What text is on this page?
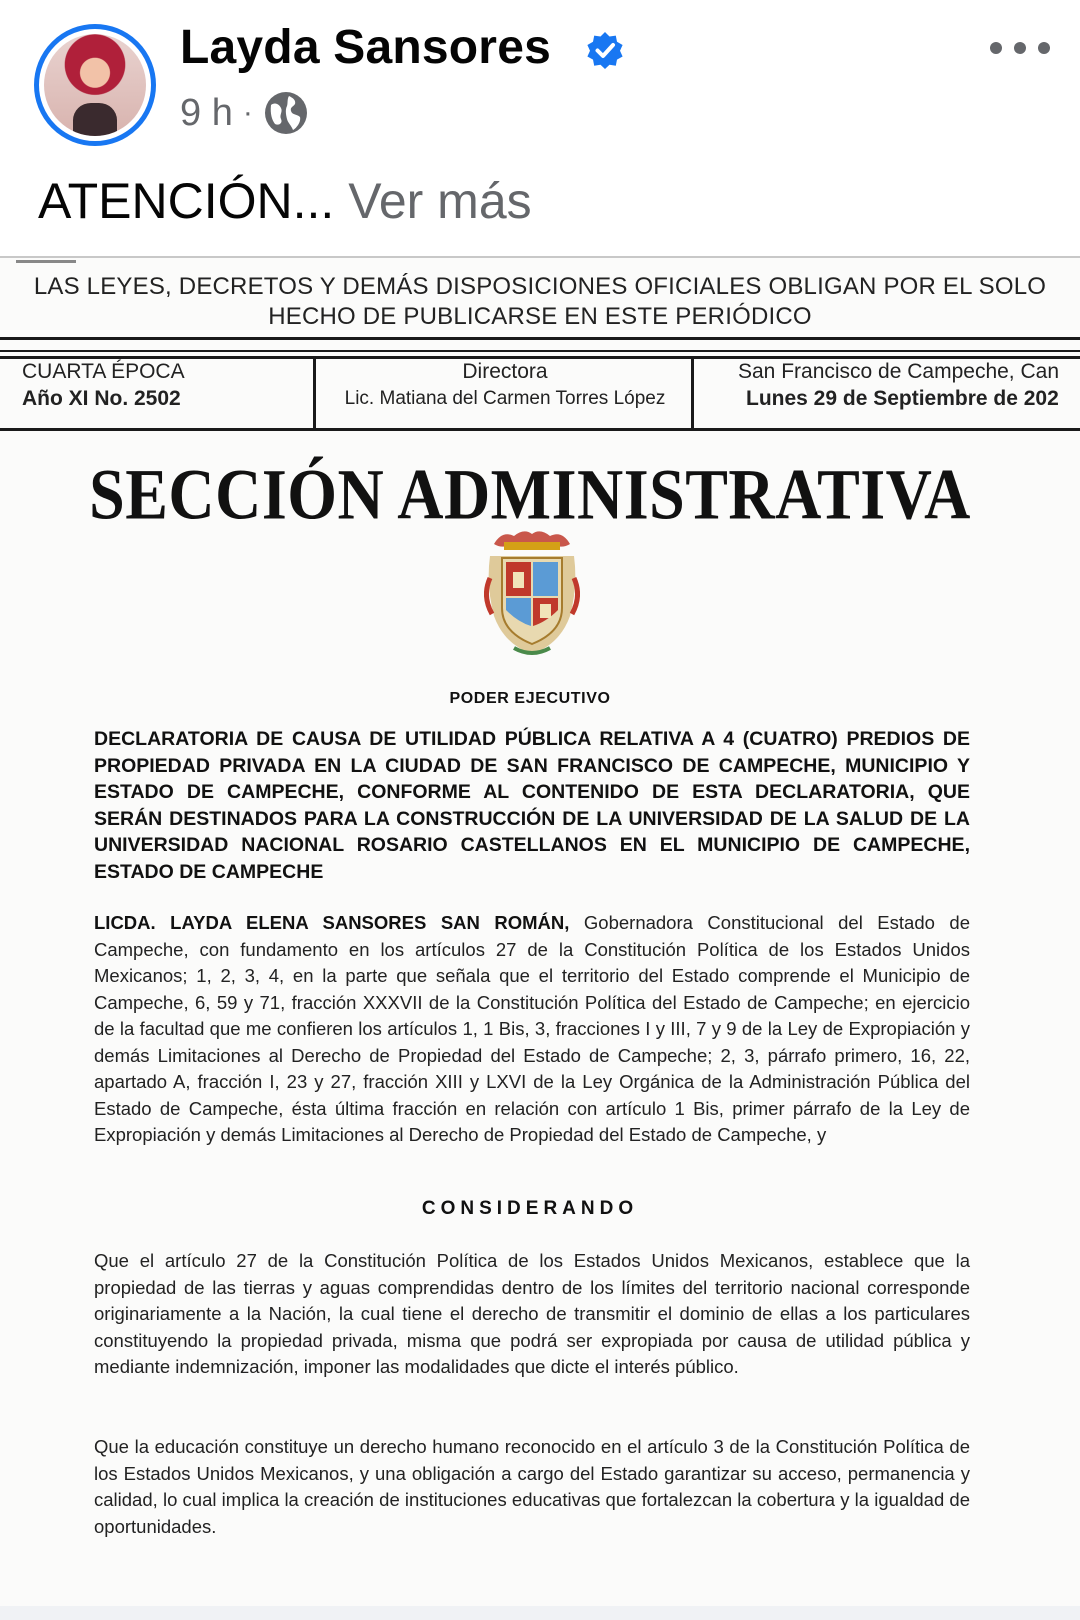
Layda Sansores
9 h ·
ATENCIÓN... Ver más
LAS LEYES, DECRETOS Y DEMÁS DISPOSICIONES OFICIALES OBLIGAN POR EL SOLO
HECHO DE PUBLICARSE EN ESTE PERIÓDICO
CUARTA ÉPOCA
Año XI No. 2502
Directora
Lic. Matiana del Carmen Torres López
San Francisco de Campeche, Can
Lunes 29 de Septiembre de 202
SECCIÓN ADMINISTRATIVA
PODER EJECUTIVO
DECLARATORIA DE CAUSA DE UTILIDAD PÚBLICA RELATIVA A 4 (CUATRO) PREDIOS DE PROPIEDAD PRIVADA EN LA CIUDAD DE SAN FRANCISCO DE CAMPECHE, MUNICIPIO Y ESTADO DE CAMPECHE, CONFORME AL CONTENIDO DE ESTA DECLARATORIA, QUE SERÁN DESTINADOS PARA LA CONSTRUCCIÓN DE LA UNIVERSIDAD DE LA SALUD DE LA UNIVERSIDAD NACIONAL ROSARIO CASTELLANOS EN EL MUNICIPIO DE CAMPECHE, ESTADO DE CAMPECHE
LICDA. LAYDA ELENA SANSORES SAN ROMÁN, Gobernadora Constitucional del Estado de Campeche, con fundamento en los artículos 27 de la Constitución Política de los Estados Unidos Mexicanos; 1, 2, 3, 4, en la parte que señala que el territorio del Estado comprende el Municipio de Campeche, 6, 59 y 71, fracción XXXVII de la Constitución Política del Estado de Campeche; en ejercicio de la facultad que me confieren los artículos 1, 1 Bis, 3, fracciones I y III, 7 y 9 de la Ley de Expropiación y demás Limitaciones al Derecho de Propiedad del Estado de Campeche; 2, 3, párrafo primero, 16, 22, apartado A, fracción I, 23 y 27, fracción XIII y LXVI de la Ley Orgánica de la Administración Pública del Estado de Campeche, ésta última fracción en relación con artículo 1 Bis, primer párrafo de la Ley de Expropiación y demás Limitaciones al Derecho de Propiedad del Estado de Campeche, y
CONSIDERANDO
Que el artículo 27 de la Constitución Política de los Estados Unidos Mexicanos, establece que la propiedad de las tierras y aguas comprendidas dentro de los límites del territorio nacional corresponde originariamente a la Nación, la cual tiene el derecho de transmitir el dominio de ellas a los particulares constituyendo la propiedad privada, misma que podrá ser expropiada por causa de utilidad pública y mediante indemnización, imponer las modalidades que dicte el interés público.
Que la educación constituye un derecho humano reconocido en el artículo 3 de la Constitución Política de los Estados Unidos Mexicanos, y una obligación a cargo del Estado garantizar su acceso, permanencia y calidad, lo cual implica la creación de instituciones educativas que fortalezcan la cobertura y la igualdad de oportunidades.
